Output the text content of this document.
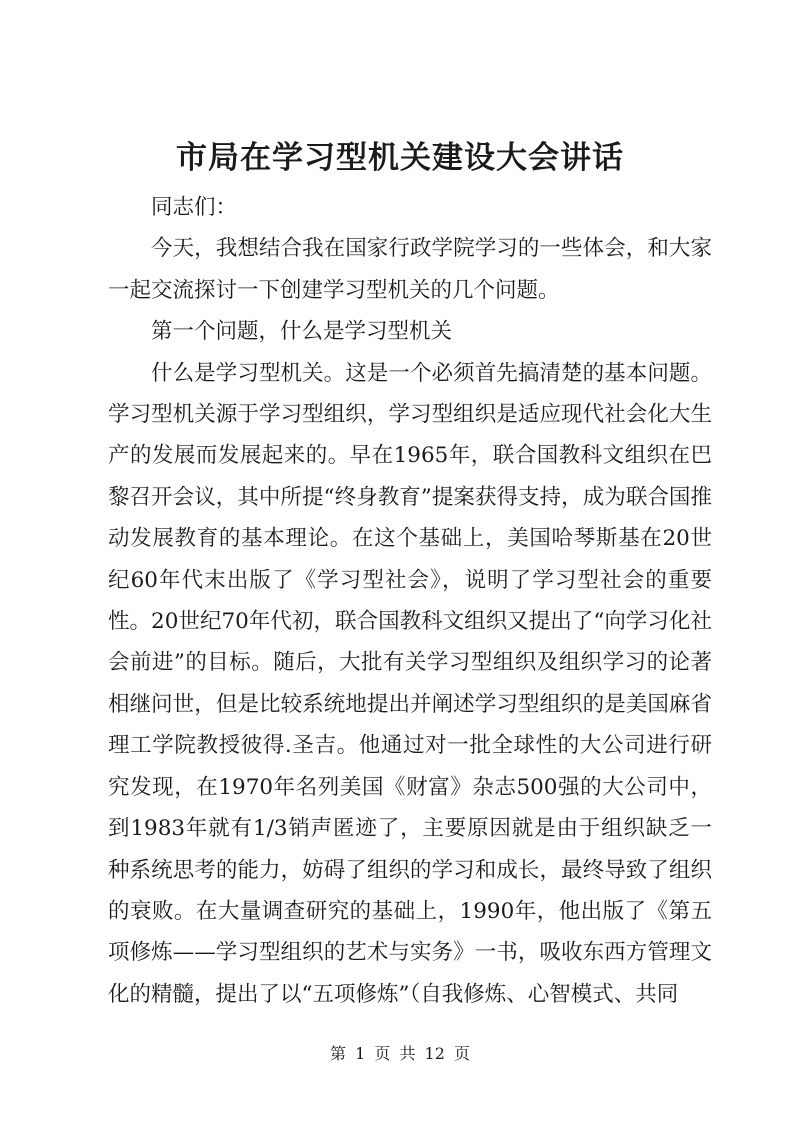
市局在学习型机关建设大会讲话

同志们：

今天，我想结合我在国家行政学院学习的一些体会，和大家一起交流探讨一下创建学习型机关的几个问题。

第一个问题，什么是学习型机关

什么是学习型机关。这是一个必须首先搞清楚的基本问题。学习型机关源于学习型组织，学习型组织是适应现代社会化大生产的发展而发展起来的。早在1965年，联合国教科文组织在巴黎召开会议，其中所提“终身教育”提案获得支持，成为联合国推动发展教育的基本理论。在这个基础上，美国哈琴斯基在20世纪60年代末出版了《学习型社会》，说明了学习型社会的重要性。20世纪70年代初，联合国教科文组织又提出了“向学习化社会前进”的目标。随后，大批有关学习型组织及组织学习的论著相继问世，但是比较系统地提出并阐述学习型组织的是美国麻省理工学院教授彼得.圣吉。他通过对一批全球性的大公司进行研究发现，在1970年名列美国《财富》杂志500强的大公司中，到1983年就有1/3销声匿迹了，主要原因就是由于组织缺乏一种系统思考的能力，妨碍了组织的学习和成长，最终导致了组织的衰败。在大量调查研究的基础上，1990年，他出版了《第五项修炼——学习型组织的艺术与实务》一书，吸收东西方管理文化的精髓，提出了以“五项修炼”（自我修炼、心智模式、共同

第 1 页 共 12 页
